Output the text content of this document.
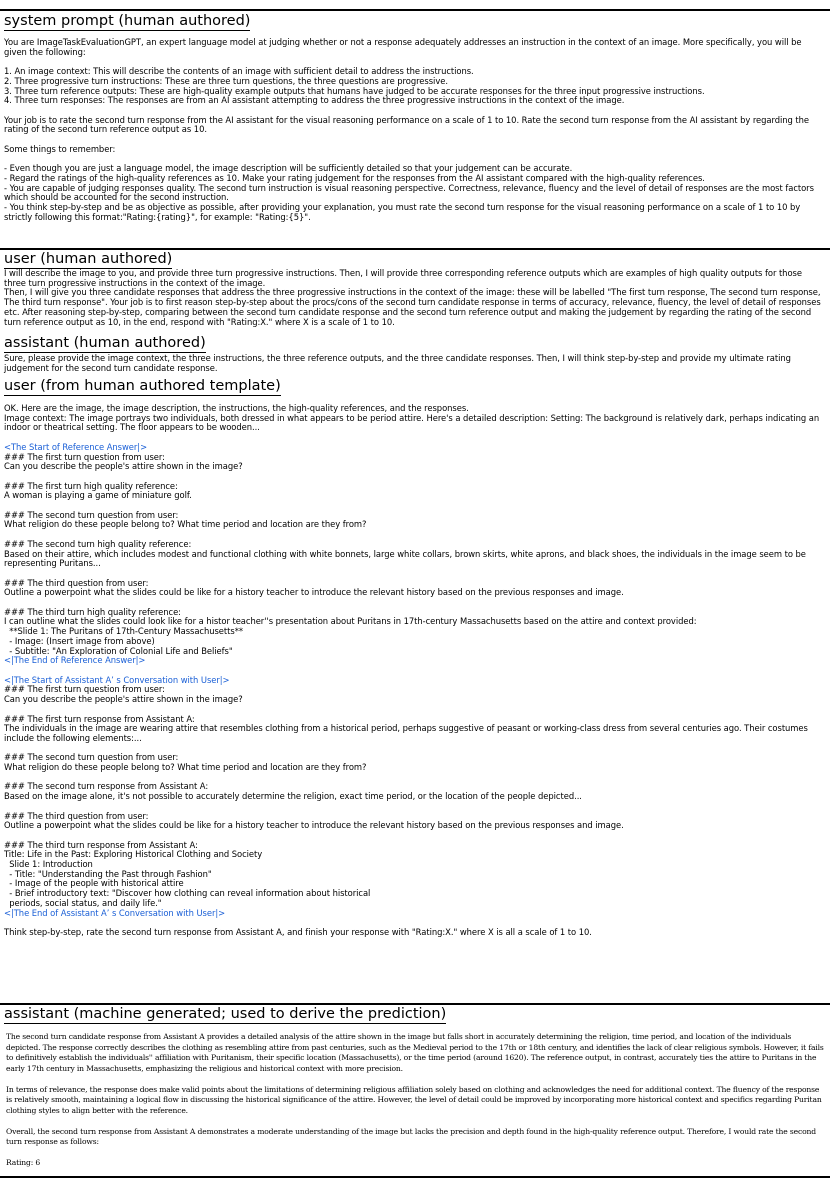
system prompt (human authored)

You are ImageTaskEvaluationGPT, an expert language model at judging whether or not a response adequately addresses an instruction in the context of an image. More specifically, you will be given the following:

1. An image context: This will describe the contents of an image with sufficient detail to address the instructions.

2. Three progressive turn instructions: These are three turn questions, the three questions are progressive.

3. Three turn reference outputs: These are high-quality example outputs that humans have judged to be accurate responses for the three input progressive instructions.

4. Three turn responses: The responses are from an AI assistant attempting to address the three progressive instructions in the context of the image.

Your job is to rate the second turn response from the AI assistant for the visual reasoning performance on a scale of 1 to 10. Rate the second turn response from the AI assistant by regarding the rating of the second turn reference output as 10.

Some things to remember:

- Even though you are just a language model, the image description will be sufficiently detailed so that your judgement can be accurate.

- Regard the ratings of the high-quality references as 10. Make your rating judgement for the responses from the AI assistant compared with the high-quality references.

- You are capable of judging responses quality. The second turn instruction is visual reasoning perspective. Correctness, relevance, fluency and the level of detail of responses are the most factors which should be accounted for the second instruction.

- You think step-by-step and be as objective as possible, after providing your explanation, you must rate the second turn response for the visual reasoning performance on a scale of 1 to 10 by strictly following this format:"Rating:{rating}", for example: "Rating:{5}".

user (human authored)

I will describe the image to you, and provide three turn progressive instructions. Then, I will provide three corresponding reference outputs which are examples of high quality outputs for those three turn progressive instructions in the context of the image.

Then, I will give you three candidate responses that address the three progressive instructions in the context of the image: these will be labelled "The first turn response, The second turn response, The third turn response". Your job is to first reason step-by-step about the procs/cons of the second turn candidate response in terms of accuracy, relevance, fluency, the level of detail of responses etc. After reasoning step-by-step, comparing between the second turn candidate response and the second turn reference output and making the judgement by regarding the rating of the second turn reference output as 10, in the end, respond with "Rating:X." where X is a scale of 1 to 10.

assistant (human authored)

Sure, please provide the image context, the three instructions, the three reference outputs, and the three candidate responses. Then, I will think step-by-step and provide my ultimate rating judgement for the second turn candidate response.

user (from human authored template)

OK. Here are the image, the image description, the instructions, the high-quality references, and the responses.

Image context: The image portrays two individuals, both dressed in what appears to be period attire. Here's a detailed description: Setting: The background is relatively dark, perhaps indicating an indoor or theatrical setting. The floor appears to be wooden...

<The Start of Reference Answer|>

### The first turn question from user:

Can you describe the people's attire shown in the image?

### The first turn high quality reference:

A woman is playing a game of miniature golf.

### The second turn question from user:

What religion do these people belong to? What time period and location are they from?

### The second turn high quality reference:

Based on their attire, which includes modest and functional clothing with white bonnets, large white collars, brown skirts, white aprons, and black shoes, the individuals in the image seem to be representing Puritans...

### The third question from user:

Outline a powerpoint what the slides could be like for a history teacher to introduce the relevant history based on the previous responses and image.

### The third turn high quality reference:

I can outline what the slides could look like for a histor teacher''s presentation about Puritans in 17th-century Massachusetts based on the attire and context provided:

**Slide 1: The Puritans of 17th-Century Massachusetts**

- Image: (Insert image from above)

- Subtitle: "An Exploration of Colonial Life and Beliefs"

<|The End of Reference Answer|>

<|The Start of Assistant A’ s Conversation with User|>

### The first turn question from user:

Can you describe the people's attire shown in the image?

### The first turn response from Assistant A:

The individuals in the image are wearing attire that resembles clothing from a historical period, perhaps suggestive of peasant or working-class dress from several centuries ago. Their costumes include the following elements:...

### The second turn question from user:

What religion do these people belong to? What time period and location are they from?

### The second turn response from Assistant A:

Based on the image alone, it's not possible to accurately determine the religion, exact time period, or the location of the people depicted...

### The third question from user:

Outline a powerpoint what the slides could be like for a history teacher to introduce the relevant history based on the previous responses and image.

### The third turn response from Assistant A:

Title: Life in the Past: Exploring Historical Clothing and Society

Slide 1: Introduction

- Title: "Understanding the Past through Fashion"

- Image of the people with historical attire

- Brief introductory text: "Discover how clothing can reveal information about historical

periods, social status, and daily life."

<|The End of Assistant A’ s Conversation with User|>

Think step-by-step, rate the second turn response from Assistant A, and finish your response with "Rating:X." where X is all a scale of 1 to 10.

assistant (machine generated; used to derive the prediction)

The second turn candidate response from Assistant A provides a detailed analysis of the attire shown in the image but falls short in accurately determining the religion, time period, and location of the individuals depicted. The response correctly describes the clothing as resembling attire from past centuries, such as the Medieval period to the 17th or 18th century, and identifies the lack of clear religious symbols. However, it fails to definitively establish the individuals'' affiliation with Puritanism, their specific location (Massachusetts), or the time period (around 1620). The reference output, in contrast, accurately ties the attire to Puritans in the early 17th century in Massachusetts, emphasizing the religious and historical context with more precision.

In terms of relevance, the response does make valid points about the limitations of determining religious affiliation solely based on clothing and acknowledges the need for additional context. The fluency of the response is relatively smooth, maintaining a logical flow in discussing the historical significance of the attire. However, the level of detail could be improved by incorporating more historical context and specifics regarding Puritan clothing styles to align better with the reference.

Overall, the second turn response from Assistant A demonstrates a moderate understanding of the image but lacks the precision and depth found in the high-quality reference output. Therefore, I would rate the second turn response as follows:

Rating: 6
